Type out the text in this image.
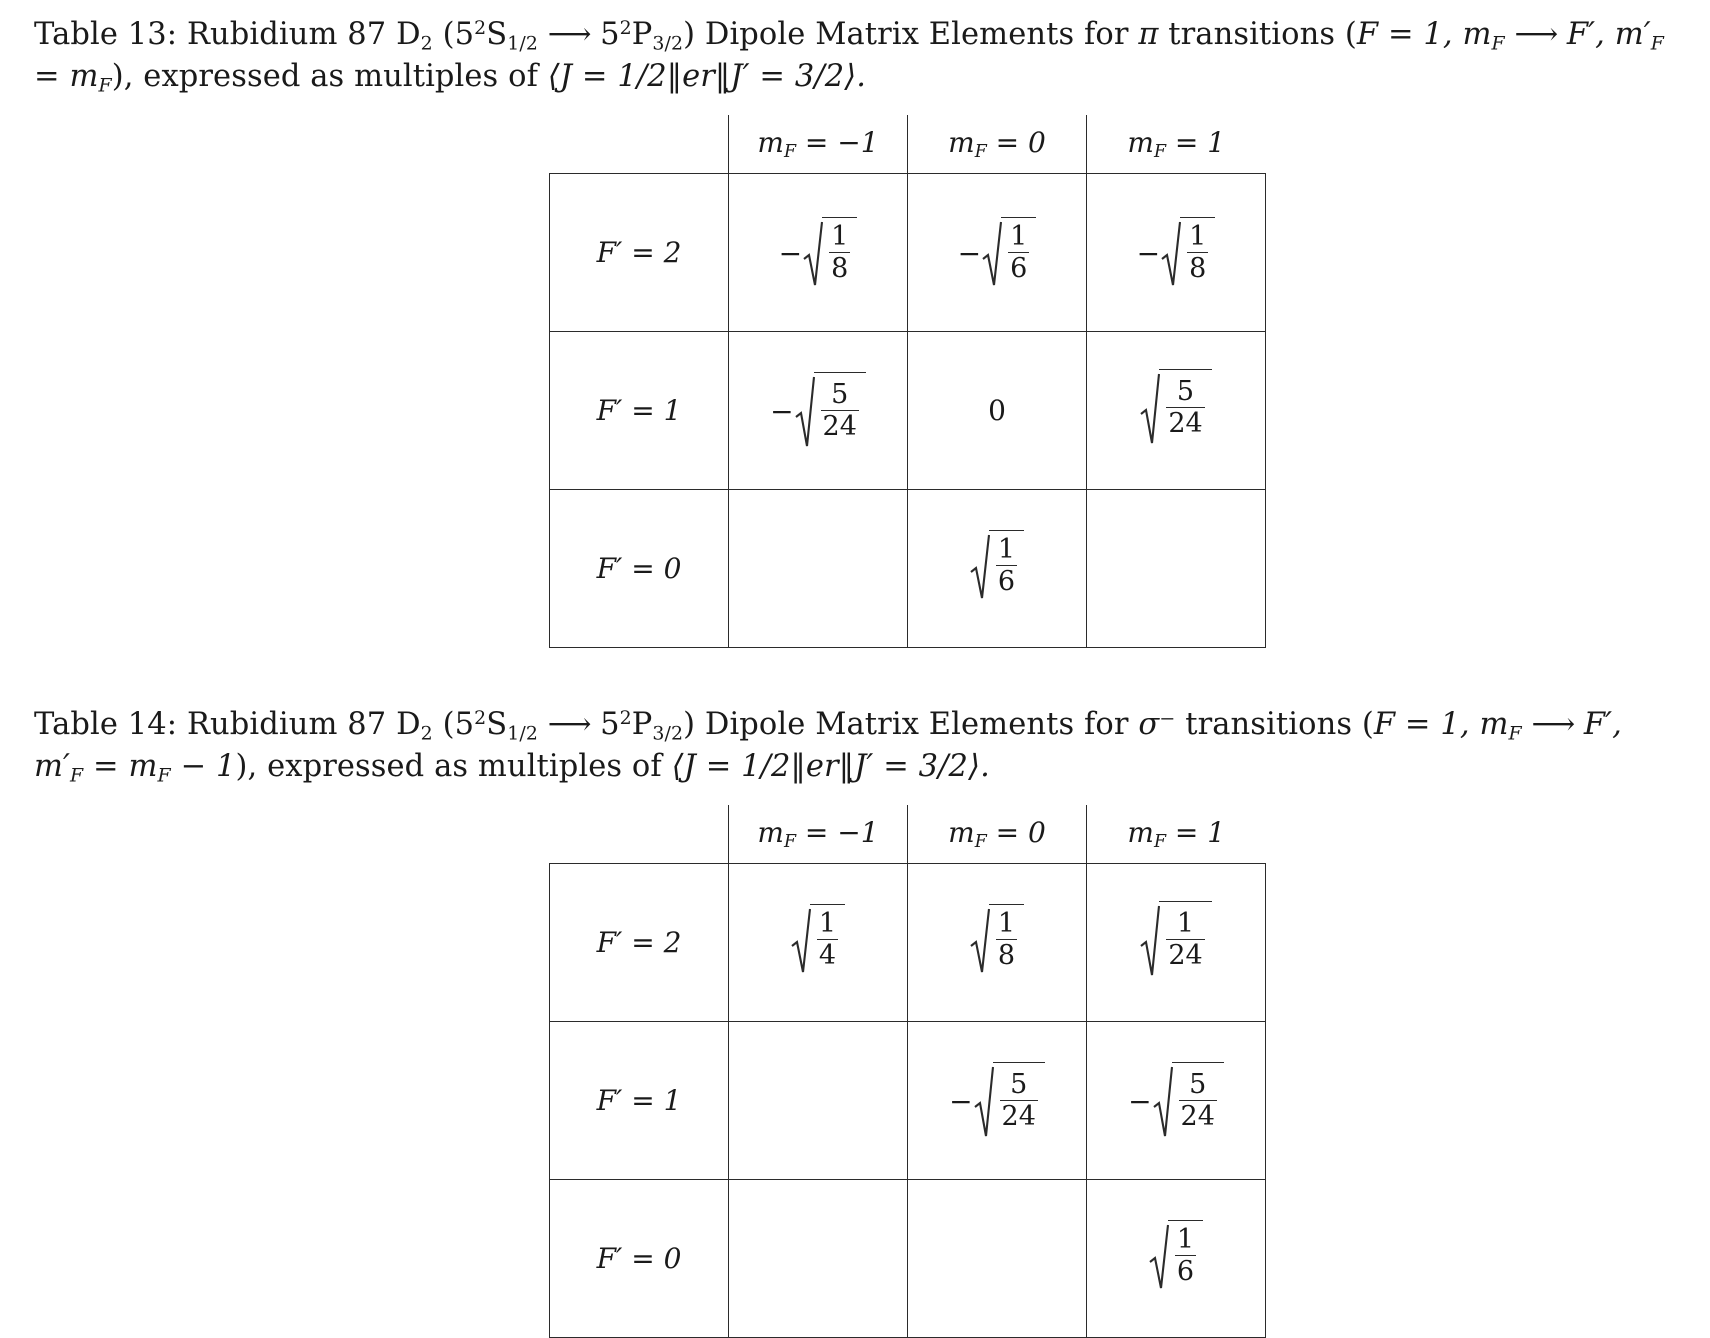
Table 13: Rubidium 87 $D_2$ ($5^2S_{1/2}$ ⟶ $5^2P_{3/2}$) Dipole Matrix Elements for π transitions (F = 1, $m_F$ ⟶ F′, $m'_F = m_F$), expressed as multiples of ⟨J = 1/2‖er‖J′ = 3/2⟩.
	$m_F = -1$	$m_F = 0$	$m_F = 1$
F′ = 2	− $\frac{1}{8}$	− $\frac{1}{6}$	− $\frac{1}{8}$

F′ = 1	− $\frac{5}{24}$	0	$\frac{5}{24}$

F′ = 0		$\frac{1}{6}$

Table 14: Rubidium 87 $D_2$ ($5^2S_{1/2}$ ⟶ $5^2P_{3/2}$) Dipole Matrix Elements for σ⁻ transitions (F = 1, $m_F$ ⟶ F′, $m'_F = m_F - 1$), expressed as multiples of ⟨J = 1/2‖er‖J′ = 3/2⟩.
	$m_F = -1$	$m_F = 0$	$m_F = 1$
F′ = 2	$\frac{1}{4}$	$\frac{1}{8}$	$\frac{1}{24}$

F′ = 1		− $\frac{5}{24}$	− $\frac{5}{24}$

F′ = 0			$\frac{1}{6}$
